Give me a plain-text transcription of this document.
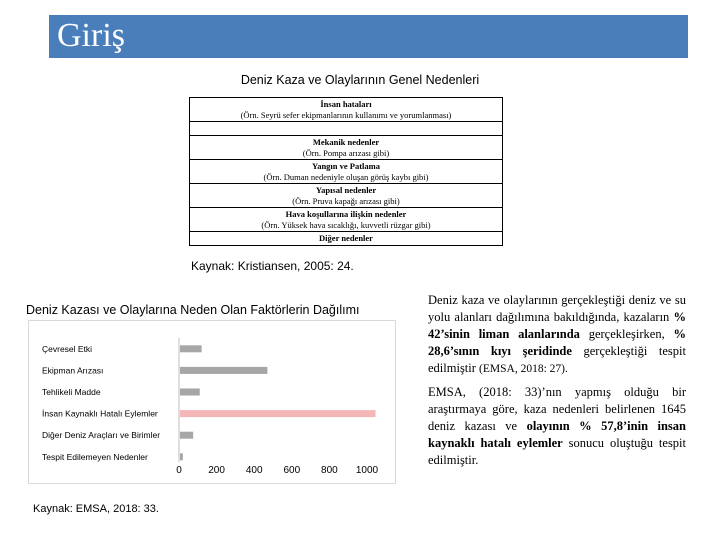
Giriş
Deniz Kaza ve Olaylarının Genel Nedenleri
İnsan hataları
(Örn. Seyrü sefer ekipmanlarının kullanımı ve yorumlanması)
Mekanik nedenler
(Örn. Pompa arızası gibi)
Yangın ve Patlama
(Örn. Duman nedeniyle oluşan görüş kaybı gibi)
Yapısal nedenler
(Örn. Pruva kapağı arızası gibi)
Hava koşullarına ilişkin nedenler
(Örn. Yüksek hava sıcaklığı, kuvvetli rüzgar gibi)
Diğer nedenler
Kaynak: Kristiansen, 2005: 24.
Deniz Kazası ve Olaylarına Neden Olan Faktörlerin Dağılımı
Çevresel Etki
Ekipman Arızası
Tehlikeli Madde
İnsan Kaynaklı Hatalı Eylemler
Diğer Deniz Araçları ve Birimler
Tespit Edilemeyen Nedenler
0	200 400 600 800 1000
Kaynak: EMSA, 2018: 33.
Deniz kaza ve olaylarının gerçekleştiği deniz ve su yolu alanları dağılımına bakıldığında, kazaların % 42’sinin liman alanlarında gerçekleşirken, % 28,6’sının kıyı şeridinde gerçekleştiği tespit edilmiştir (EMSA, 2018: 27).
EMSA, (2018: 33)’nın yapmış olduğu bir araştırmaya göre, kaza nedenleri belirlenen 1645 deniz kazası ve olayının % 57,8’inin insan kaynaklı hatalı eylemler sonucu oluştuğu tespit edilmiştir.
